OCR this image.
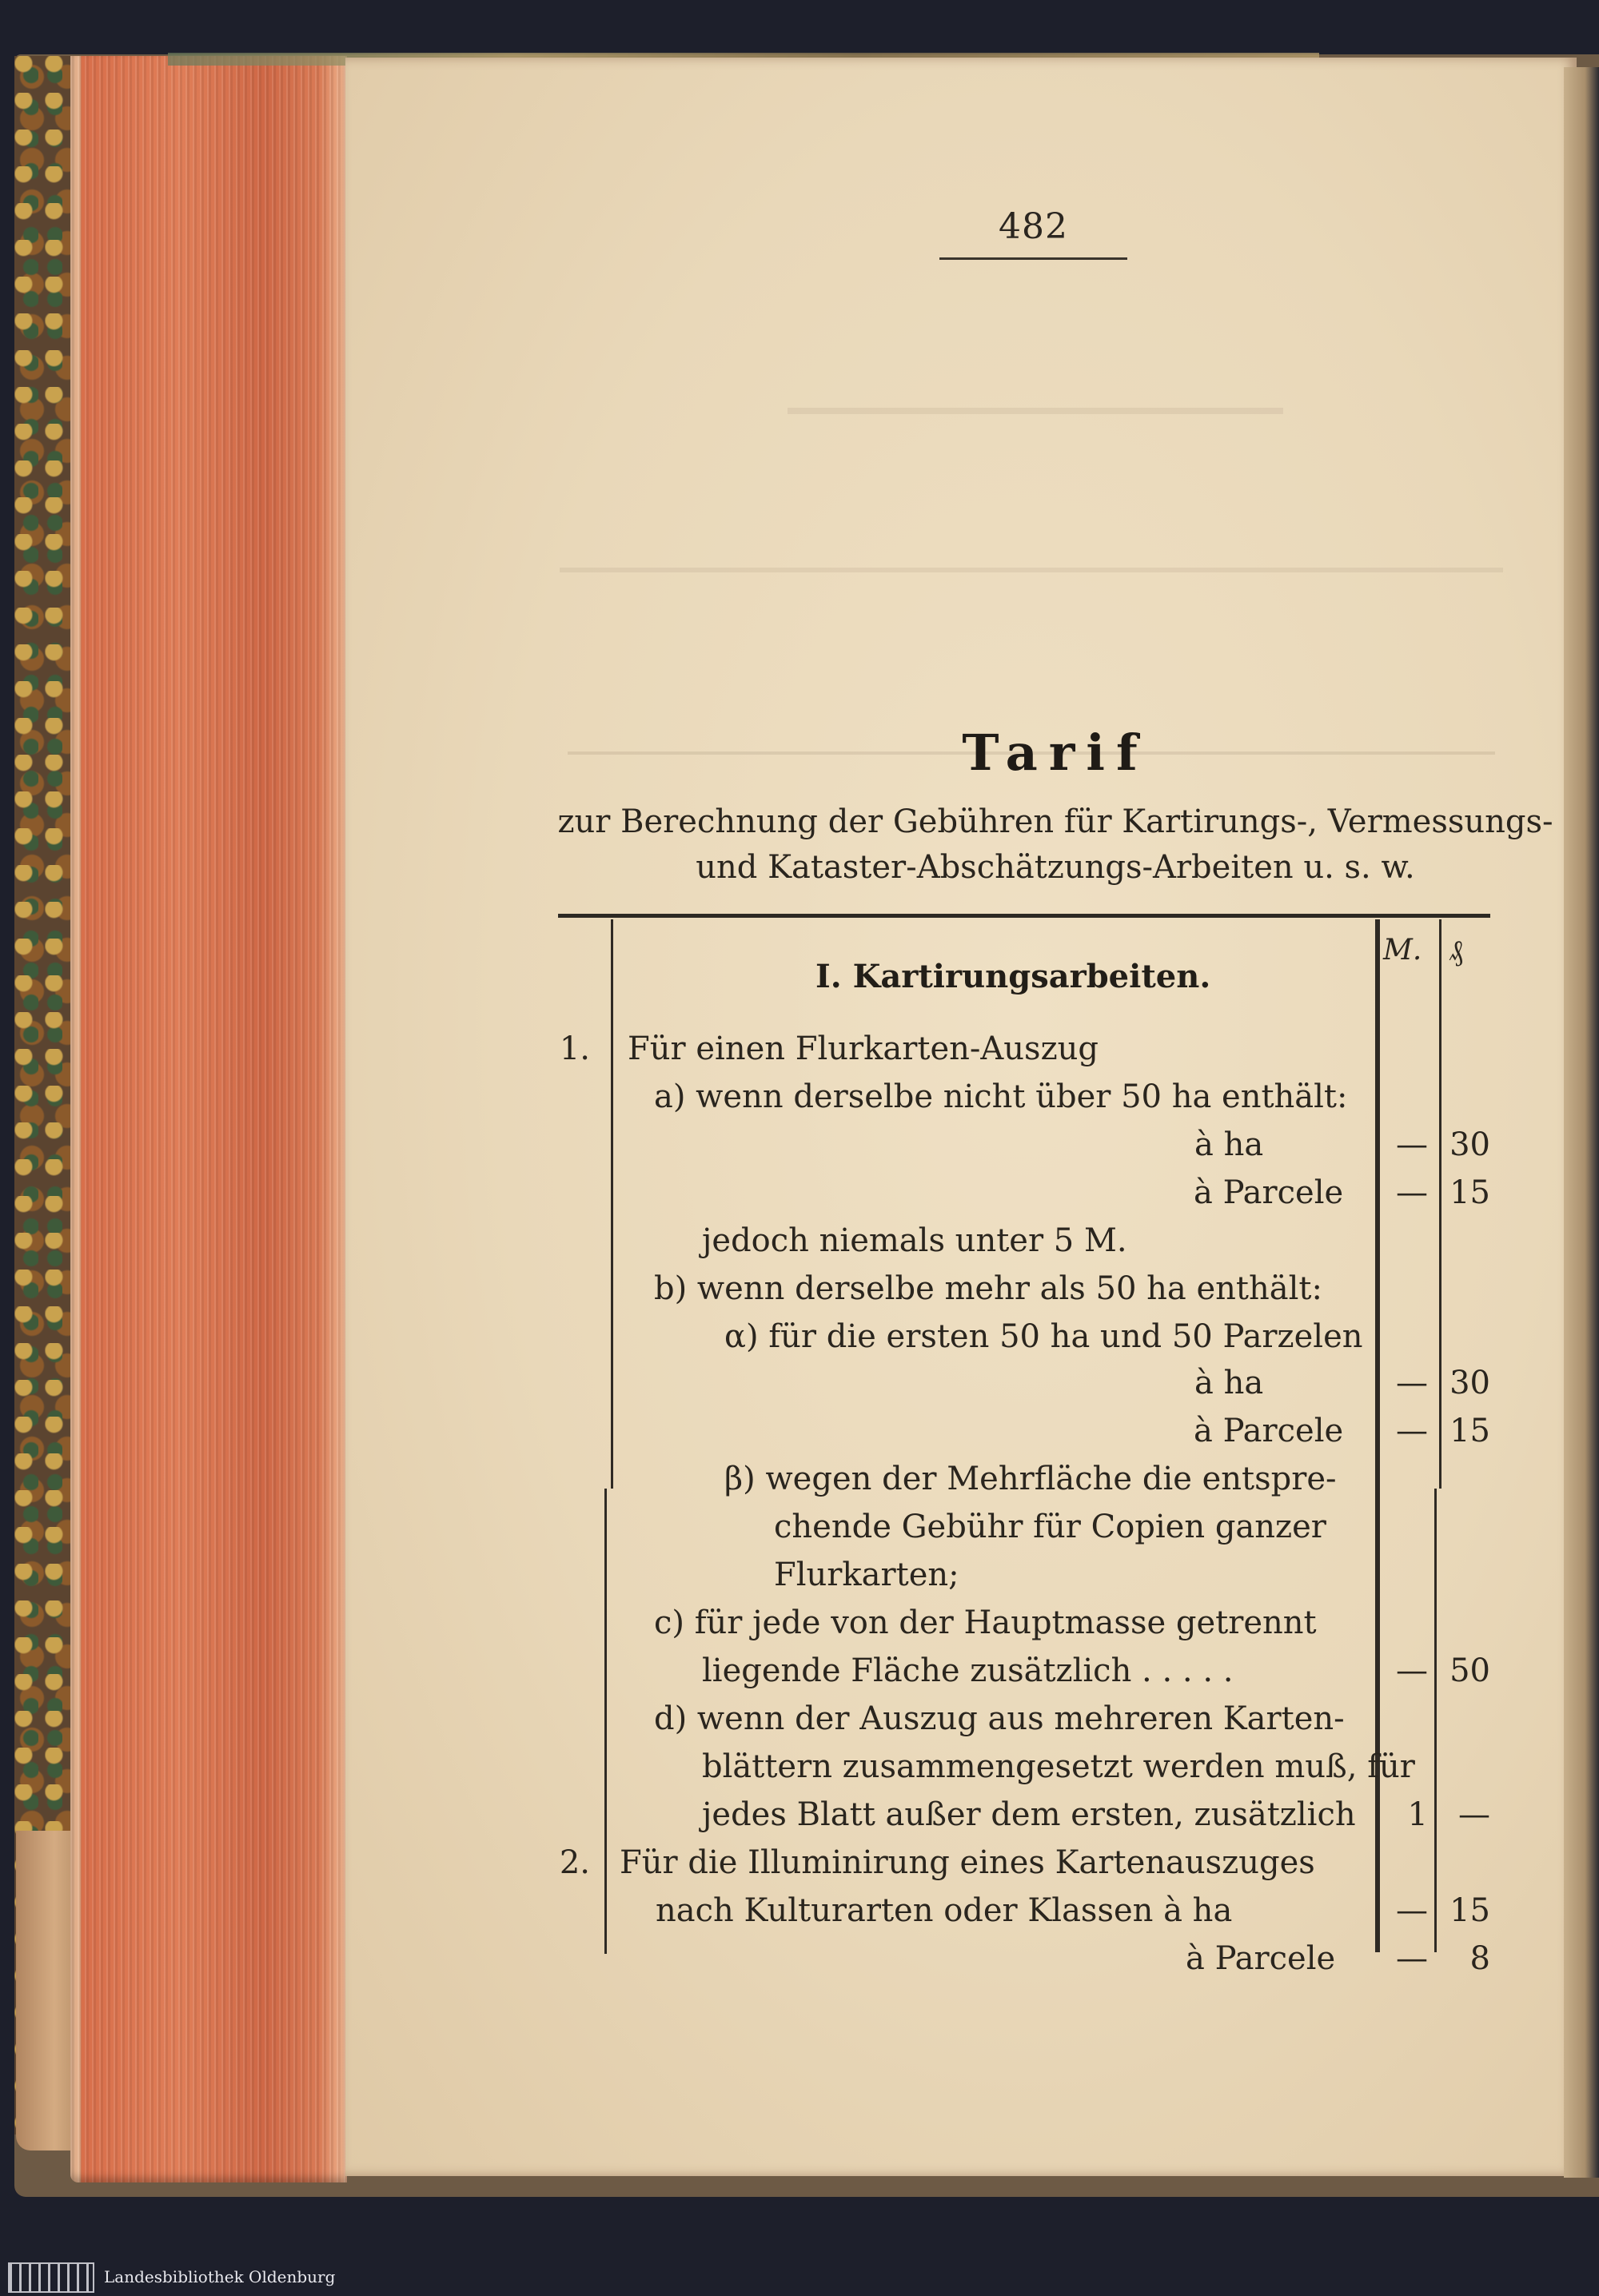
482
Tarif
zur Berechnung der Gebühren für Kartirungs-, Vermessungs-
und Kataster-Abschätzungs-Arbeiten u. s. w.
M. ₰
I. Kartirungsarbeiten.
1. Für einen Flurkarten-Auszug
a) wenn derselbe nicht über 50 ha enthält:
à ha	— 30
à Parcele	— 15
jedoch niemals unter 5 M.
b) wenn derselbe mehr als 50 ha enthält:
α) für die ersten 50 ha und 50 Parzelen
à ha	— 30
à Parcele	— 15
β) wegen der Mehrfläche die entspre-
chende Gebühr für Copien ganzer
Flurkarten;
c) für jede von der Hauptmasse getrennt
liegende Fläche zusätzlich . . . . .	— 50
d) wenn der Auszug aus mehreren Karten-
blättern zusammengesetzt werden muß, für
jedes Blatt außer dem ersten, zusätzlich	1 —
2. Für die Illuminirung eines Kartenauszuges
nach Kulturarten oder Klassen à ha	— 15
à Parcele	—	8
Landesbibliothek Oldenburg
